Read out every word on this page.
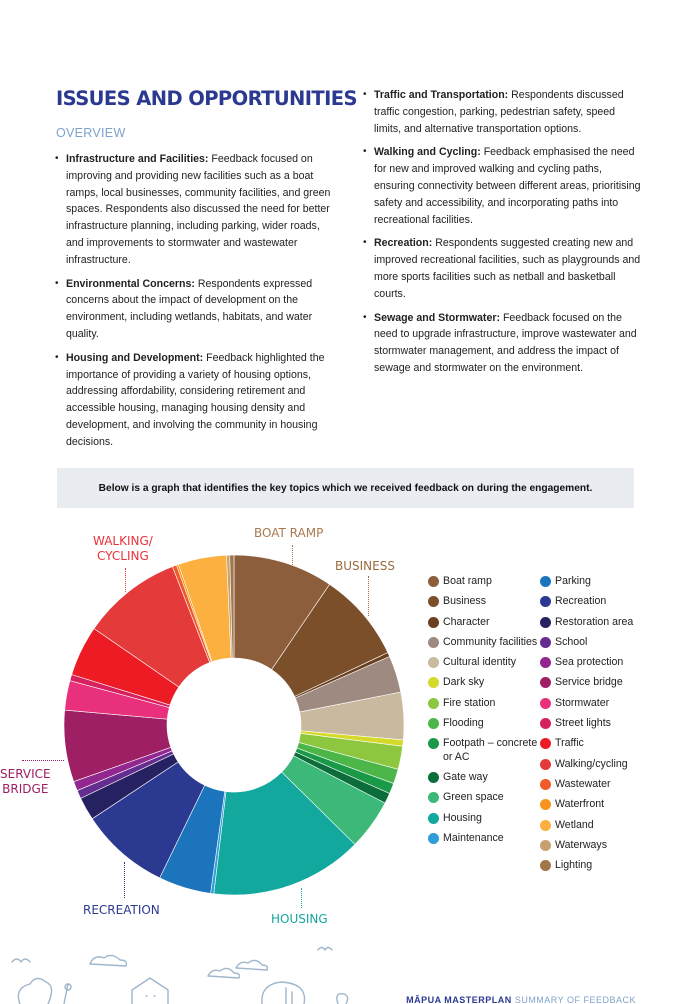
ISSUES AND OPPORTUNITIES
OVERVIEW
• Infrastructure and Facilities: Feedback focused on improving and providing new facilities such as a boat ramps, local businesses, community facilities, and green spaces. Respondents also discussed the need for better infrastructure planning, including parking, wider roads, and improvements to stormwater and wastewater infrastructure.
• Environmental Concerns: Respondents expressed concerns about the impact of development on the environment, including wetlands, habitats, and water quality.
• Housing and Development: Feedback highlighted the importance of providing a variety of housing options, addressing affordability, considering retirement and accessible housing, managing housing density and development, and involving the community in housing decisions.
• Traffic and Transportation: Respondents discussed traffic congestion, parking, pedestrian safety, speed limits, and alternative transportation options.
• Walking and Cycling: Feedback emphasised the need for new and improved walking and cycling paths, ensuring connectivity between different areas, prioritising safety and accessibility, and incorporating paths into recreational facilities.
• Recreation: Respondents suggested creating new and improved recreational facilities, such as playgrounds and more sports facilities such as netball and basketball courts.
• Sewage and Stormwater: Feedback focused on the need to upgrade infrastructure, improve wastewater and stormwater management, and address the impact of sewage and stormwater on the environment.
Below is a graph that identifies the key topics which we received feedback on during the engagement.
BOAT RAMP
BUSINESS
WALKING/
CYCLING
SERVICE
BRIDGE
RECREATION
HOUSING
Boat ramp
Business
Character
Community facilities
Cultural identity
Dark sky
Fire station
Flooding
Footpath – concrete or AC
Gate way
Green space
Housing
Maintenance
Parking
Recreation
Restoration area
School
Sea protection
Service bridge
Stormwater
Street lights
Traffic
Walking/cycling
Wastewater
Waterfront
Wetland
Waterways
Lighting
MĀPUA MASTERPLAN SUMMARY OF FEEDBACK
